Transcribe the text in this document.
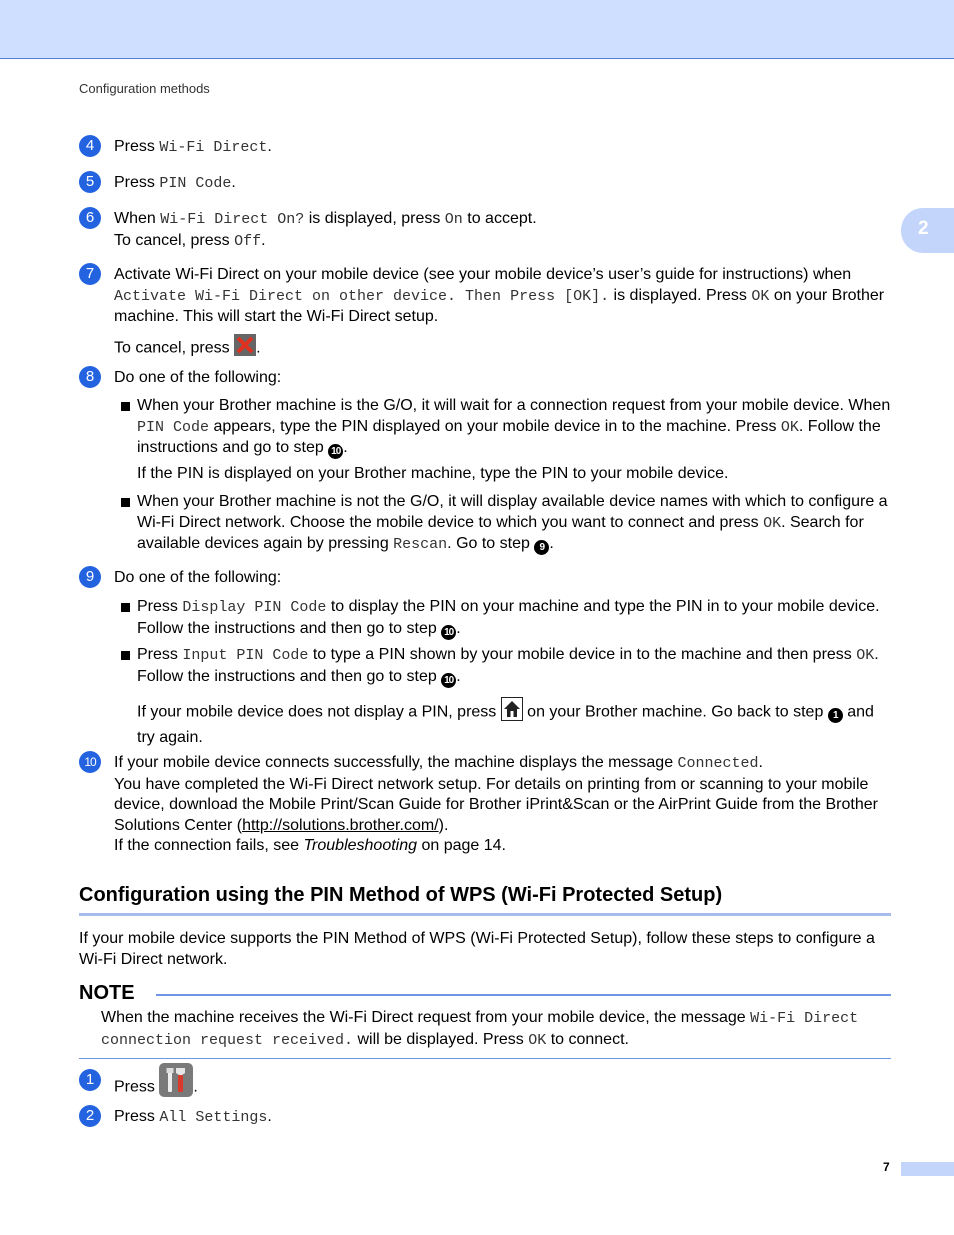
Configuration methods
2
4	Press Wi-Fi Direct.
5	Press PIN Code.
6	When Wi-Fi Direct On? is displayed, press On to accept.
To cancel, press Off.
7	Activate Wi-Fi Direct on your mobile device (see your mobile device’s user’s guide for instructions) when Activate Wi-Fi Direct on other device. Then Press [OK]. is displayed. Press OK on your Brother machine. This will start the Wi-Fi Direct setup.
To cancel, press .
8	Do one of the following:
When your Brother machine is the G/O, it will wait for a connection request from your mobile device. When PIN Code appears, type the PIN displayed on your mobile device in to the machine. Press OK. Follow the instructions and go to step 10 .
If the PIN is displayed on your Brother machine, type the PIN to your mobile device.
When your Brother machine is not the G/O, it will display available device names with which to configure a Wi-Fi Direct network. Choose the mobile device to which you want to connect and press OK. Search for available devices again by pressing Rescan. Go to step 9 .
9	Do one of the following:
Press Display PIN Code to display the PIN on your machine and type the PIN in to your mobile device. Follow the instructions and then go to step 10 .
Press Input PIN Code to type a PIN shown by your mobile device in to the machine and then press OK. Follow the instructions and then go to step 10 .
If your mobile device does not display a PIN, press  on your Brother machine. Go back to step 1 and try again.
10	If your mobile device connects successfully, the machine displays the message Connected.
You have completed the Wi-Fi Direct network setup. For details on printing from or scanning to your mobile device, download the Mobile Print/Scan Guide for Brother iPrint&Scan or the AirPrint Guide from the Brother Solutions Center (http://solutions.brother.com/).
If the connection fails, see Troubleshooting on page 14.
Configuration using the PIN Method of WPS (Wi-Fi Protected Setup)
If your mobile device supports the PIN Method of WPS (Wi-Fi Protected Setup), follow these steps to configure a Wi-Fi Direct network.
NOTE
When the machine receives the Wi-Fi Direct request from your mobile device, the message Wi-Fi Direct connection request received. will be displayed. Press OK to connect.
1	Press .
2	Press All Settings.
7
